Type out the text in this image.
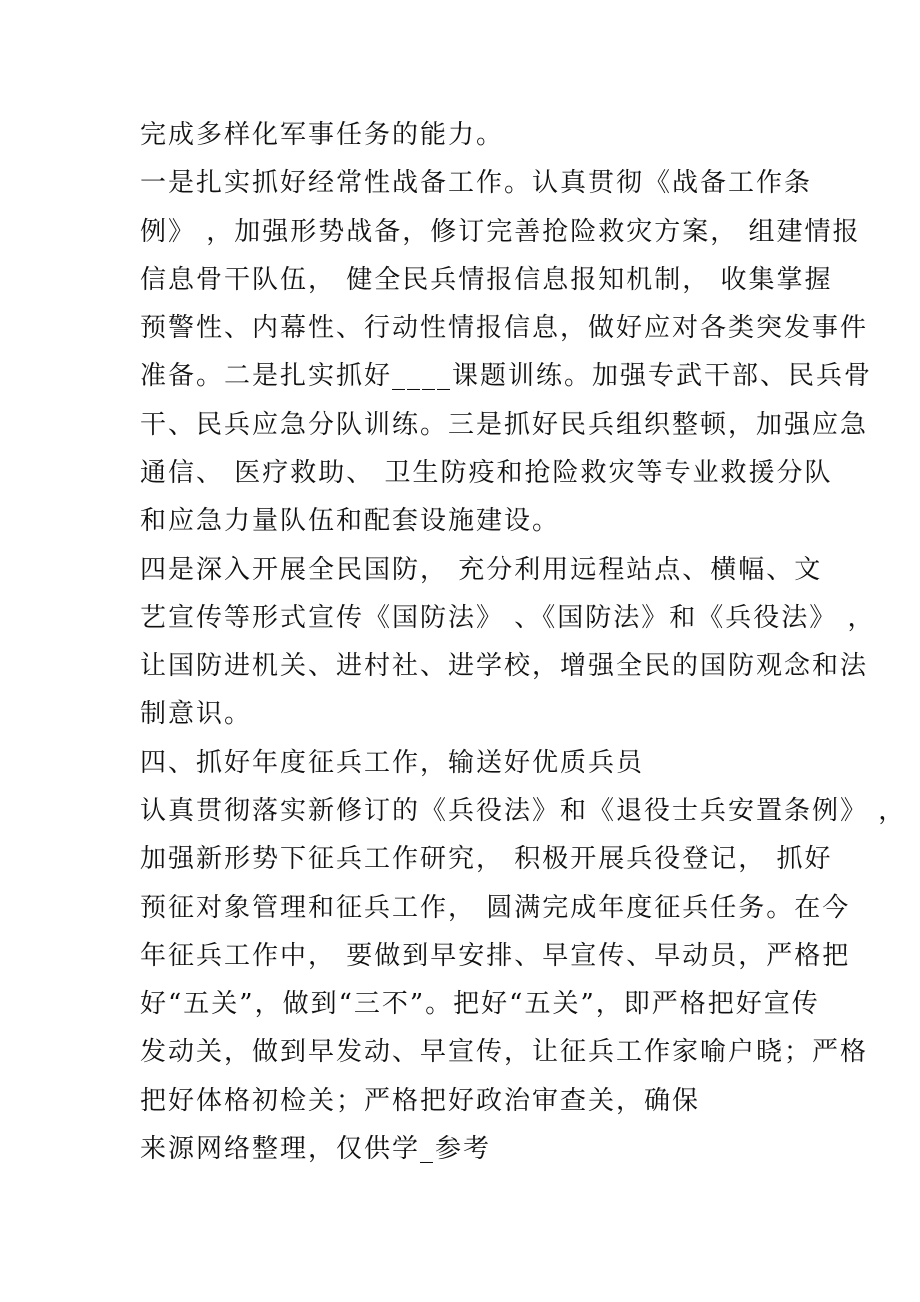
完成多样化军事任务的能力。
一是扎实抓好经常性战备工作。认真贯彻《战备工作条
例》 ，加强形势战备，修订完善抢险救灾方案， 组建情报
信息骨干队伍， 健全民兵情报信息报知机制， 收集掌握
预警性、内幕性、行动性情报信息，做好应对各类突发事件
准备。二是扎实抓好____课题训练。加强专武干部、民兵骨
干、民兵应急分队训练。三是抓好民兵组织整顿，加强应急
通信、 医疗救助、 卫生防疫和抢险救灾等专业救援分队
和应急力量队伍和配套设施建设。
四是深入开展全民国防， 充分利用远程站点、横幅、文
艺宣传等形式宣传《国防法》 、《国防法》和《兵役法》 ，
让国防进机关、进村社、进学校，增强全民的国防观念和法
制意识。
四、抓好年度征兵工作，输送好优质兵员
认真贯彻落实新修订的《兵役法》和《退役士兵安置条例》 ，
加强新形势下征兵工作研究， 积极开展兵役登记， 抓好
预征对象管理和征兵工作， 圆满完成年度征兵任务。在今
年征兵工作中， 要做到早安排、早宣传、早动员，严格把
好“五关”，做到“三不”。把好“五关”，即严格把好宣传
发动关，做到早发动、早宣传，让征兵工作家喻户晓；严格
把好体格初检关；严格把好政治审查关，确保
来源网络整理，仅供学_参考
